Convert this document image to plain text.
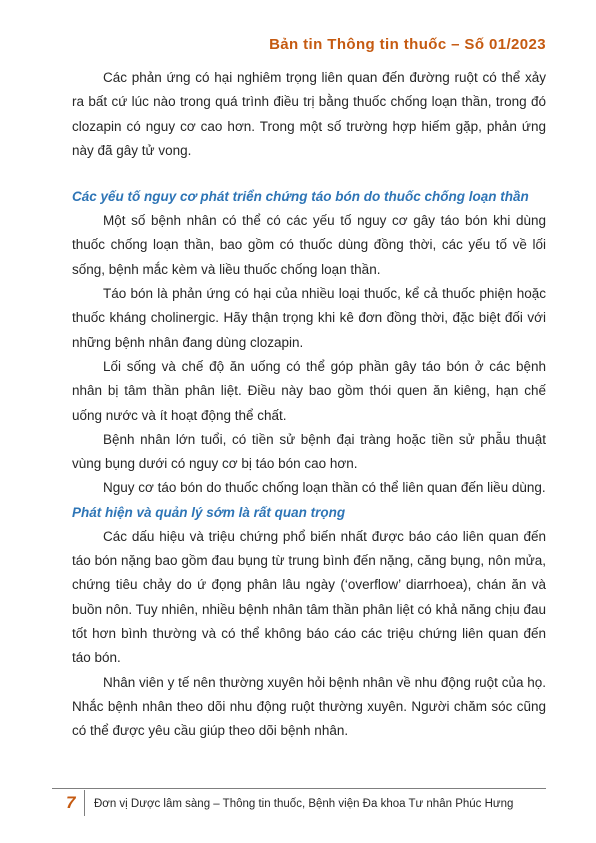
Bản tin Thông tin thuốc – Số 01/2023

Các phản ứng có hại nghiêm trọng liên quan đến đường ruột có thể xảy ra bất cứ lúc nào trong quá trình điều trị bằng thuốc chống loạn thần, trong đó clozapin có nguy cơ cao hơn. Trong một số trường hợp hiếm gặp, phản ứng này đã gây tử vong.

Các yếu tố nguy cơ phát triển chứng táo bón do thuốc chống loạn thần

Một số bệnh nhân có thể có các yếu tố nguy cơ gây táo bón khi dùng thuốc chống loạn thần, bao gồm có thuốc dùng đồng thời, các yếu tố về lối sống, bệnh mắc kèm và liều thuốc chống loạn thần.

Táo bón là phản ứng có hại của nhiều loại thuốc, kể cả thuốc phiện hoặc thuốc kháng cholinergic. Hãy thận trọng khi kê đơn đồng thời, đặc biệt đối với những bệnh nhân đang dùng clozapin.

Lối sống và chế độ ăn uống có thể góp phần gây táo bón ở các bệnh nhân bị tâm thần phân liệt. Điều này bao gồm thói quen ăn kiêng, hạn chế uống nước và ít hoạt động thể chất.

Bệnh nhân lớn tuổi, có tiền sử bệnh đại tràng hoặc tiền sử phẫu thuật vùng bụng dưới có nguy cơ bị táo bón cao hơn.

Nguy cơ táo bón do thuốc chống loạn thần có thể liên quan đến liều dùng.

Phát hiện và quản lý sớm là rất quan trọng

Các dấu hiệu và triệu chứng phổ biến nhất được báo cáo liên quan đến táo bón nặng bao gồm đau bụng từ trung bình đến nặng, căng bụng, nôn mửa, chứng tiêu chảy do ứ đọng phân lâu ngày (‘overflow’ diarrhoea), chán ăn và buồn nôn. Tuy nhiên, nhiều bệnh nhân tâm thần phân liệt có khả năng chịu đau tốt hơn bình thường và có thể không báo cáo các triệu chứng liên quan đến táo bón.

Nhân viên y tế nên thường xuyên hỏi bệnh nhân về nhu động ruột của họ. Nhắc bệnh nhân theo dõi nhu động ruột thường xuyên. Người chăm sóc cũng có thể được yêu cầu giúp theo dõi bệnh nhân.

7 Đơn vị Dược lâm sàng – Thông tin thuốc, Bệnh viện Đa khoa Tư nhân Phúc Hưng
